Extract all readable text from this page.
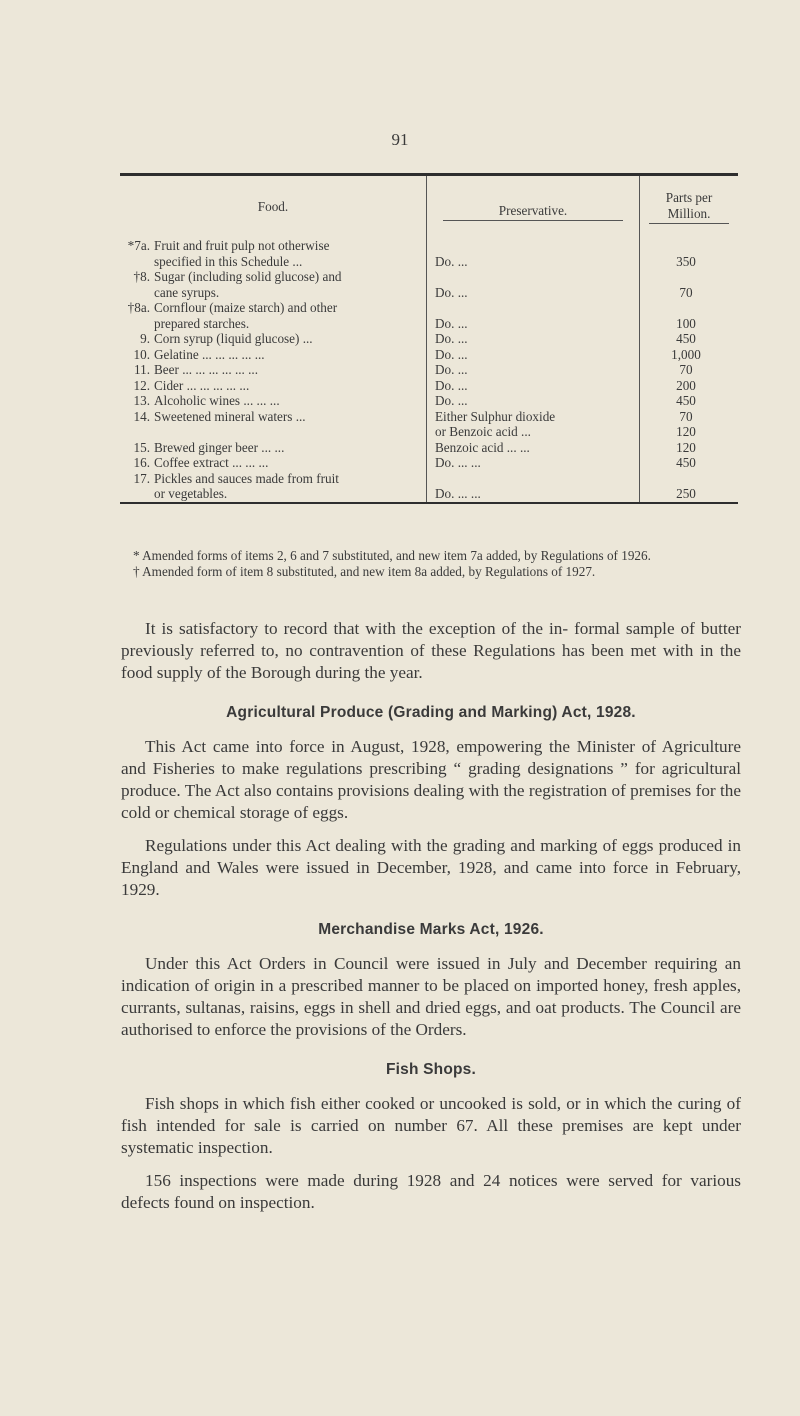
91
Food.	Preservative.	Parts per Million.

*7a. Fruit and fruit pulp not otherwise
specified in this Schedule ...	Do. ...	350

†8. Sugar (including solid glucose) and
cane syrups.	Do. ...	70

†8a. Cornflour (maize starch) and other
prepared starches.	Do. ...	100

9. Corn syrup (liquid glucose) ...	Do. ...	450

10. Gelatine ... ... ... ... ...	Do. ...	1,000

11. Beer ... ... ... ... ... ...	Do. ...	70

12. Cider ... ... ... ... ...	Do. ...	200

13. Alcoholic wines ... ... ...	Do. ...	450

14. Sweetened mineral waters ...	Either Sulphur dioxide	70

	or Benzoic acid ...	120

15. Brewed ginger beer ... ...	Benzoic acid ... ...	120

16. Coffee extract ... ... ...	Do. ... ...	450

17. Pickles and sauces made from fruit
or vegetables.	Do. ... ...	250

* Amended forms of items 2, 6 and 7 substituted, and new item 7a added, by Regulations of 1926.

† Amended form of item 8 substituted, and new item 8a added, by Regulations of 1927.

It is satisfactory to record that with the exception of the in- formal sample of butter previously referred to, no contravention of these Regulations has been met with in the food supply of the Borough during the year.

Agricultural Produce (Grading and Marking) Act, 1928.

This Act came into force in August, 1928, empowering the Minister of Agriculture and Fisheries to make regulations prescribing “ grading designations ” for agricultural produce. The Act also contains provisions dealing with the registration of premises for the cold or chemical storage of eggs.

Regulations under this Act dealing with the grading and marking of eggs produced in England and Wales were issued in December, 1928, and came into force in February, 1929.

Merchandise Marks Act, 1926.

Under this Act Orders in Council were issued in July and December requiring an indication of origin in a prescribed manner to be placed on imported honey, fresh apples, currants, sultanas, raisins, eggs in shell and dried eggs, and oat products. The Council are authorised to enforce the provisions of the Orders.

Fish Shops.

Fish shops in which fish either cooked or uncooked is sold, or in which the curing of fish intended for sale is carried on number 67. All these premises are kept under systematic inspection.

156 inspections were made during 1928 and 24 notices were served for various defects found on inspection.
